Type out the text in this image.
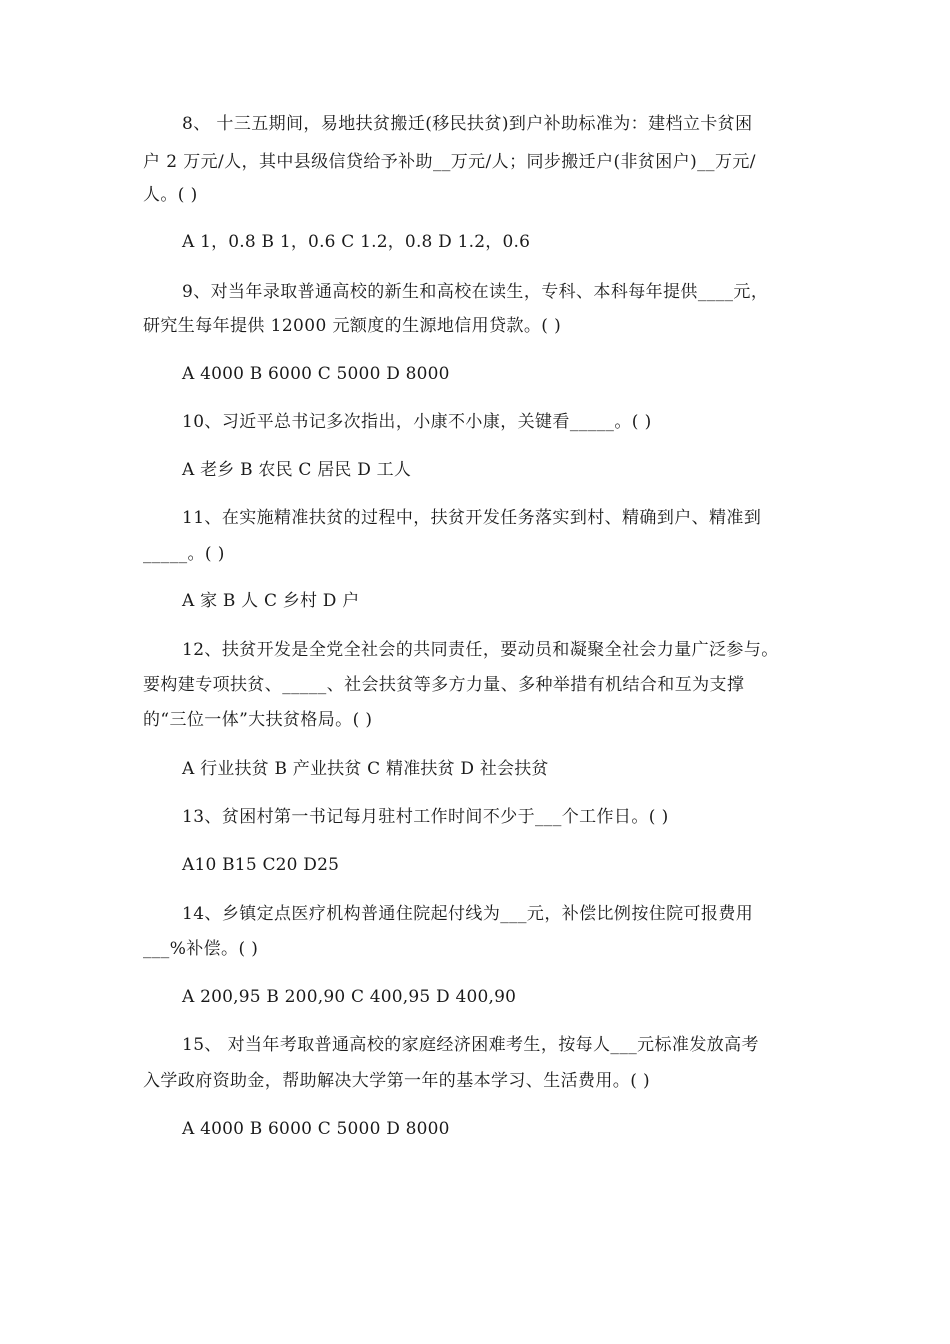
8、 十三五期间，易地扶贫搬迁(移民扶贫)到户补助标准为：建档立卡贫困
户 2 万元/人，其中县级信贷给予补助__万元/人；同步搬迁户(非贫困户)__万元/
人。( )
A 1，0.8 B 1，0.6 C 1.2，0.8 D 1.2，0.6
9、对当年录取普通高校的新生和高校在读生，专科、本科每年提供____元，
研究生每年提供 12000 元额度的生源地信用贷款。( )
A 4000 B 6000 C 5000 D 8000
10、习近平总书记多次指出，小康不小康，关键看_____。( )
A 老乡 B 农民 C 居民 D 工人
11、在实施精准扶贫的过程中，扶贫开发任务落实到村、精确到户、精准到
_____。( )
A 家 B 人 C 乡村 D 户
12、扶贫开发是全党全社会的共同责任，要动员和凝聚全社会力量广泛参与。
要构建专项扶贫、_____、社会扶贫等多方力量、多种举措有机结合和互为支撑
的“三位一体”大扶贫格局。( )
A 行业扶贫 B 产业扶贫 C 精准扶贫 D 社会扶贫
13、贫困村第一书记每月驻村工作时间不少于___个工作日。( )
A10 B15 C20 D25
14、乡镇定点医疗机构普通住院起付线为___元，补偿比例按住院可报费用
___%补偿。( )
A 200,95 B 200,90 C 400,95 D 400,90
15、 对当年考取普通高校的家庭经济困难考生，按每人___元标准发放高考
入学政府资助金，帮助解决大学第一年的基本学习、生活费用。( )
A 4000 B 6000 C 5000 D 8000
